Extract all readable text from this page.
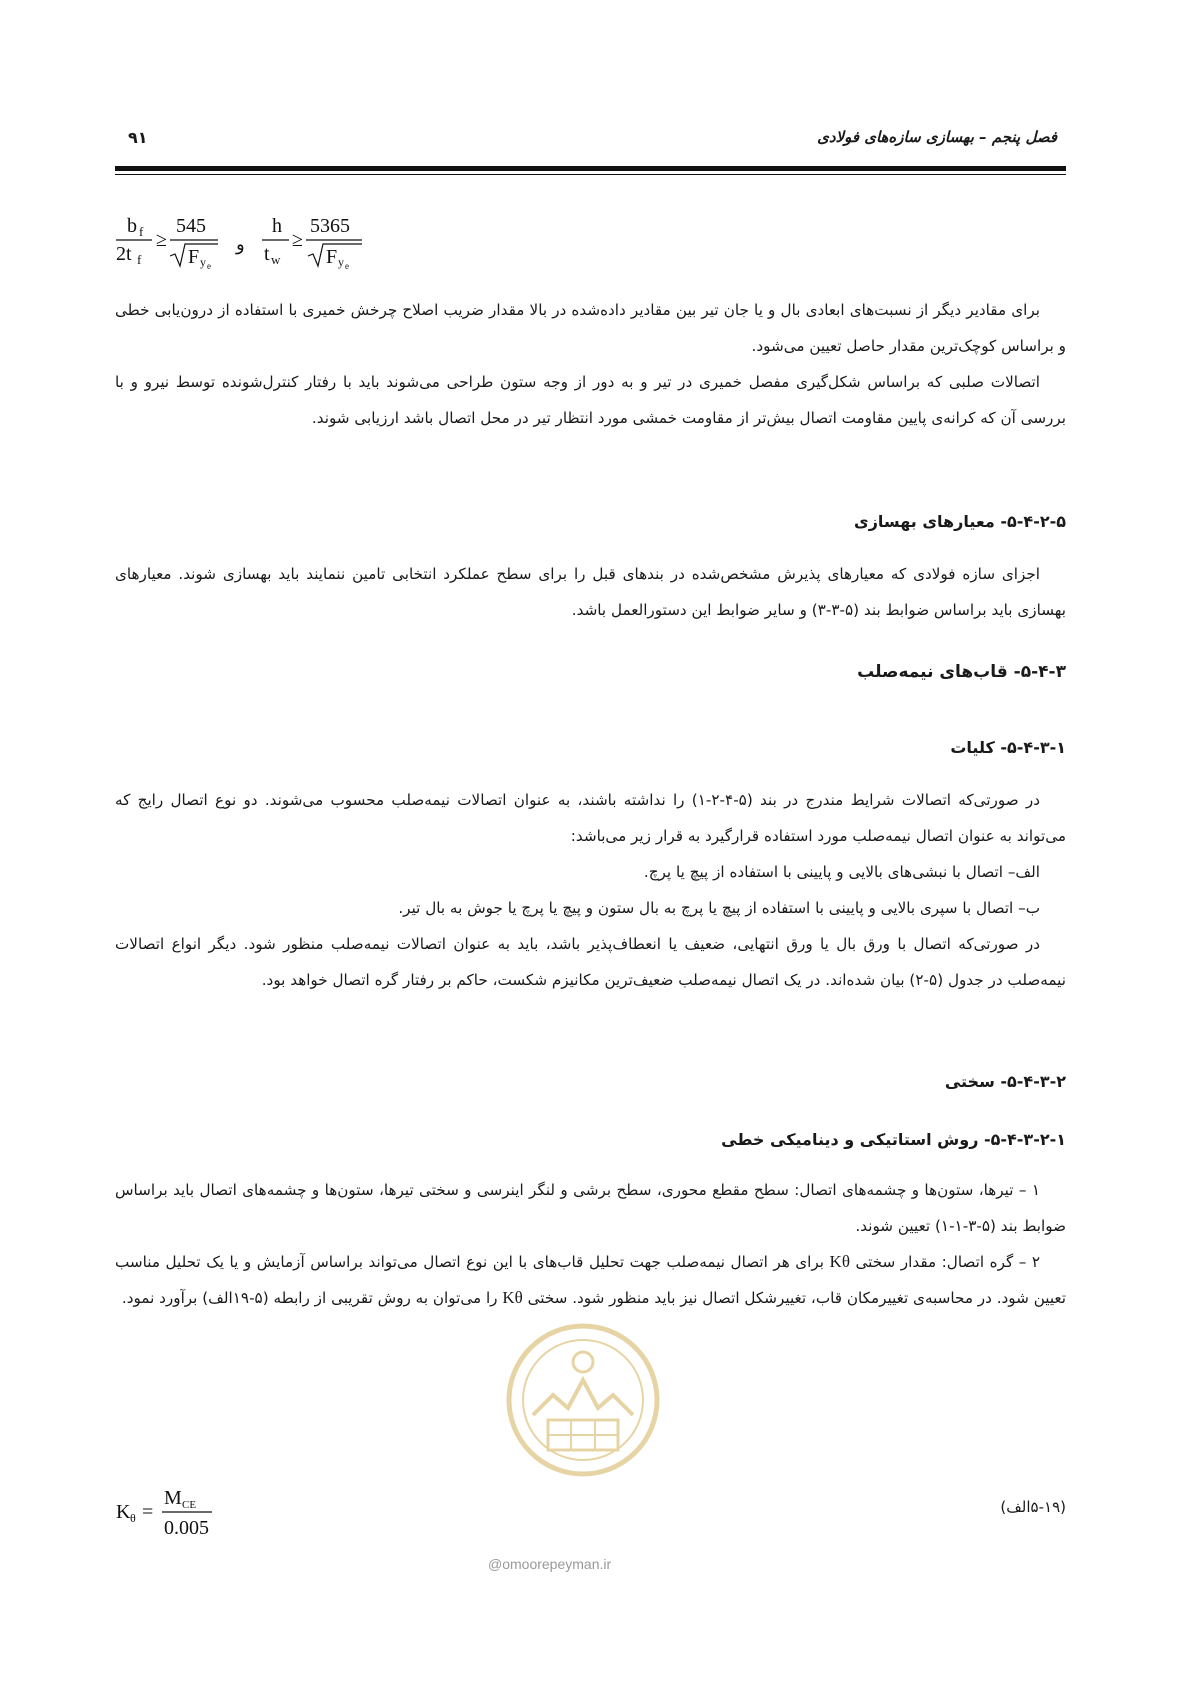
فصل پنجم – بهسازی سازه‌های فولادی
۹۱
b f
2t f
≥
545
F y e
و
h
t w
≥
5365
F y e

برای مقادیر دیگر از نسبت‌های ابعادی بال و یا جان تیر بین مقادیر داده‌شده در بالا مقدار ضریب اصلاح چرخش خمیری با استفاده از درون‌یابی خطی و براساس کوچک‌ترین مقدار حاصل تعیین می‌شود.

اتصالات صلبی که براساس شکل‌گیری مفصل خمیری در تیر و به دور از وجه ستون طراحی می‌شوند باید با رفتار کنترل‌شونده توسط نیرو و با بررسی آن که کرانه‌ی پایین مقاومت اتصال بیش‌تر از مقاومت خمشی مورد انتظار تیر در محل اتصال باشد ارزیابی شوند.

۵-۴-۲-۵- معیارهای بهسازی

اجزای سازه فولادی که معیارهای پذیرش مشخص‌شده در بندهای قبل را برای سطح عملکرد انتخابی تامین ننمایند باید بهسازی شوند. معیارهای بهسازی باید براساس ضوابط بند (۵-۳-۳) و سایر ضوابط این دستورالعمل باشد.

۵-۴-۳- قاب‌های نیمه‌صلب
۵-۴-۳-۱- کلیات

در صورتی‌که اتصالات شرایط مندرج در بند (۵-۴-۲-۱) را نداشته باشند، به عنوان اتصالات نیمه‌صلب محسوب می‌شوند. دو نوع اتصال رایج که می‌تواند به عنوان اتصال نیمه‌صلب مورد استفاده قرارگیرد به قرار زیر می‌باشد:

الف– اتصال با نبشی‌های بالایی و پایینی با استفاده از پیچ یا پرچ.

ب– اتصال با سپری بالایی و پایینی با استفاده از پیچ یا پرچ به بال ستون و پیچ یا پرچ یا جوش به بال تیر.

در صورتی‌که اتصال با ورق بال یا ورق انتهایی، ضعیف یا انعطاف‌پذیر باشد، باید به عنوان اتصالات نیمه‌صلب منظور شود. دیگر انواع اتصالات نیمه‌صلب در جدول (۵-۲) بیان شده‌اند. در یک اتصال نیمه‌صلب ضعیف‌ترین مکانیزم شکست، حاکم بر رفتار گره اتصال خواهد بود.

۵-۴-۳-۲- سختی
۵-۴-۳-۲-۱- روش استاتیکی و دینامیکی خطی

۱ – تیرها، ستون‌ها و چشمه‌های اتصال: سطح مقطع محوری، سطح برشی و لنگر اینرسی و سختی تیرها، ستون‌ها و چشمه‌های اتصال باید براساس ضوابط بند (۵-۳-۱-۱) تعیین شوند.

۲ – گره اتصال: مقدار سختی Kθ برای هر اتصال نیمه‌صلب جهت تحلیل قاب‌های با این نوع اتصال می‌تواند براساس آزمایش و یا یک تحلیل مناسب تعیین شود. در محاسبه‌ی تغییرمکان قاب، تغییرشکل اتصال نیز باید منظور شود. سختی Kθ را می‌توان به روش تقریبی از رابطه (۵-۱۹الف) برآورد نمود.

K θ =
M CE
0.005
(۵-۱۹الف)
@omoorepeyman.ir
